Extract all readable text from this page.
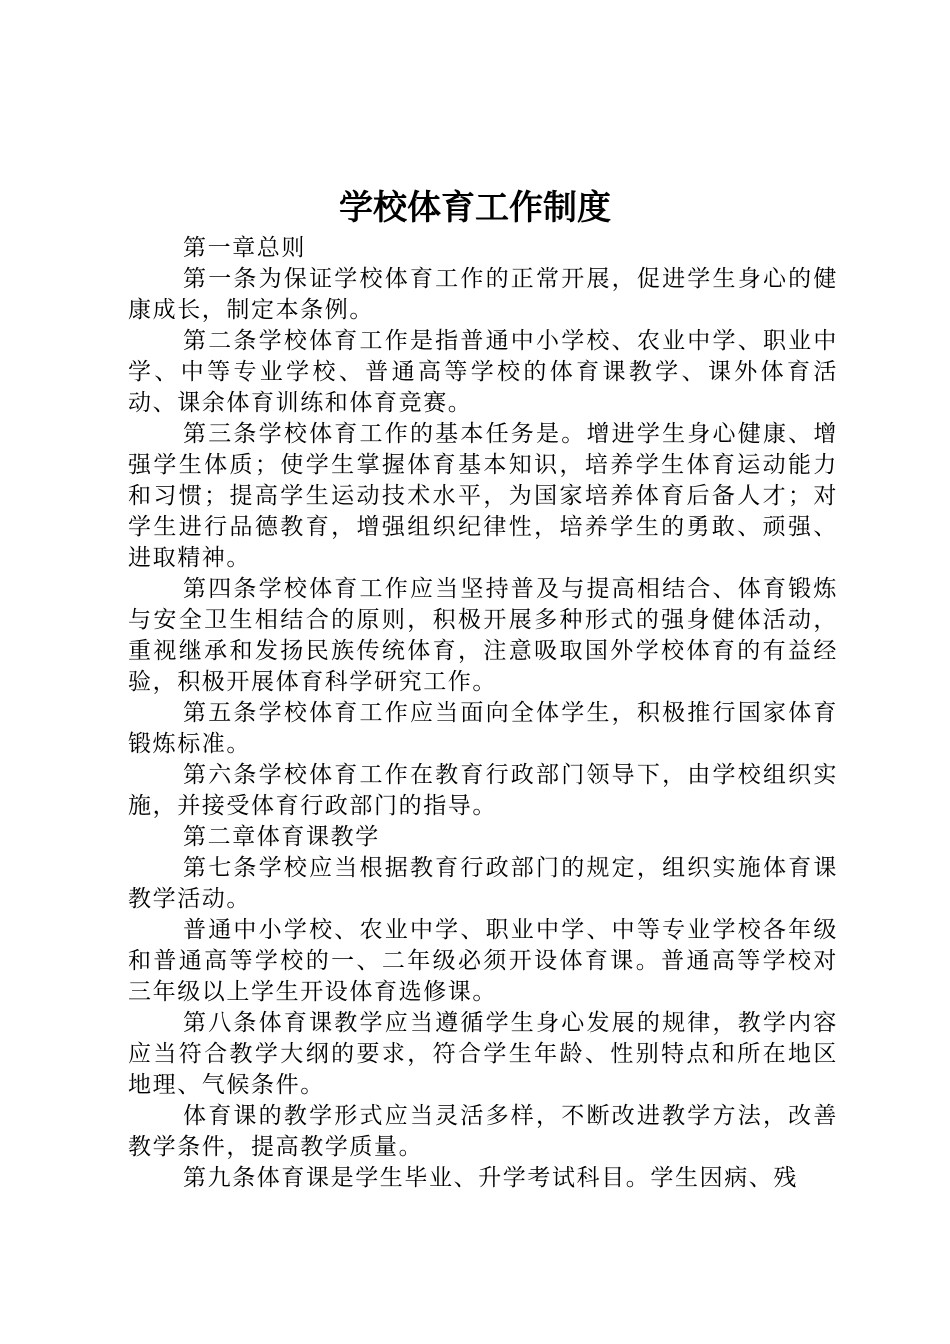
学校体育工作制度

第一章总则

第一条为保证学校体育工作的正常开展，促进学生身心的健康成长，制定本条例。

第二条学校体育工作是指普通中小学校、农业中学、职业中学、中等专业学校、普通高等学校的体育课教学、课外体育活动、课余体育训练和体育竞赛。

第三条学校体育工作的基本任务是。增进学生身心健康、增强学生体质；使学生掌握体育基本知识，培养学生体育运动能力和习惯；提高学生运动技术水平，为国家培养体育后备人才；对学生进行品德教育，增强组织纪律性，培养学生的勇敢、顽强、进取精神。

第四条学校体育工作应当坚持普及与提高相结合、体育锻炼与安全卫生相结合的原则，积极开展多种形式的强身健体活动，重视继承和发扬民族传统体育，注意吸取国外学校体育的有益经验，积极开展体育科学研究工作。

第五条学校体育工作应当面向全体学生，积极推行国家体育锻炼标准。

第六条学校体育工作在教育行政部门领导下，由学校组织实施，并接受体育行政部门的指导。

第二章体育课教学

第七条学校应当根据教育行政部门的规定，组织实施体育课教学活动。

普通中小学校、农业中学、职业中学、中等专业学校各年级和普通高等学校的一、二年级必须开设体育课。普通高等学校对三年级以上学生开设体育选修课。

第八条体育课教学应当遵循学生身心发展的规律，教学内容应当符合教学大纲的要求，符合学生年龄、性别特点和所在地区地理、气候条件。

体育课的教学形式应当灵活多样，不断改进教学方法，改善教学条件，提高教学质量。

第九条体育课是学生毕业、升学考试科目。学生因病、残
